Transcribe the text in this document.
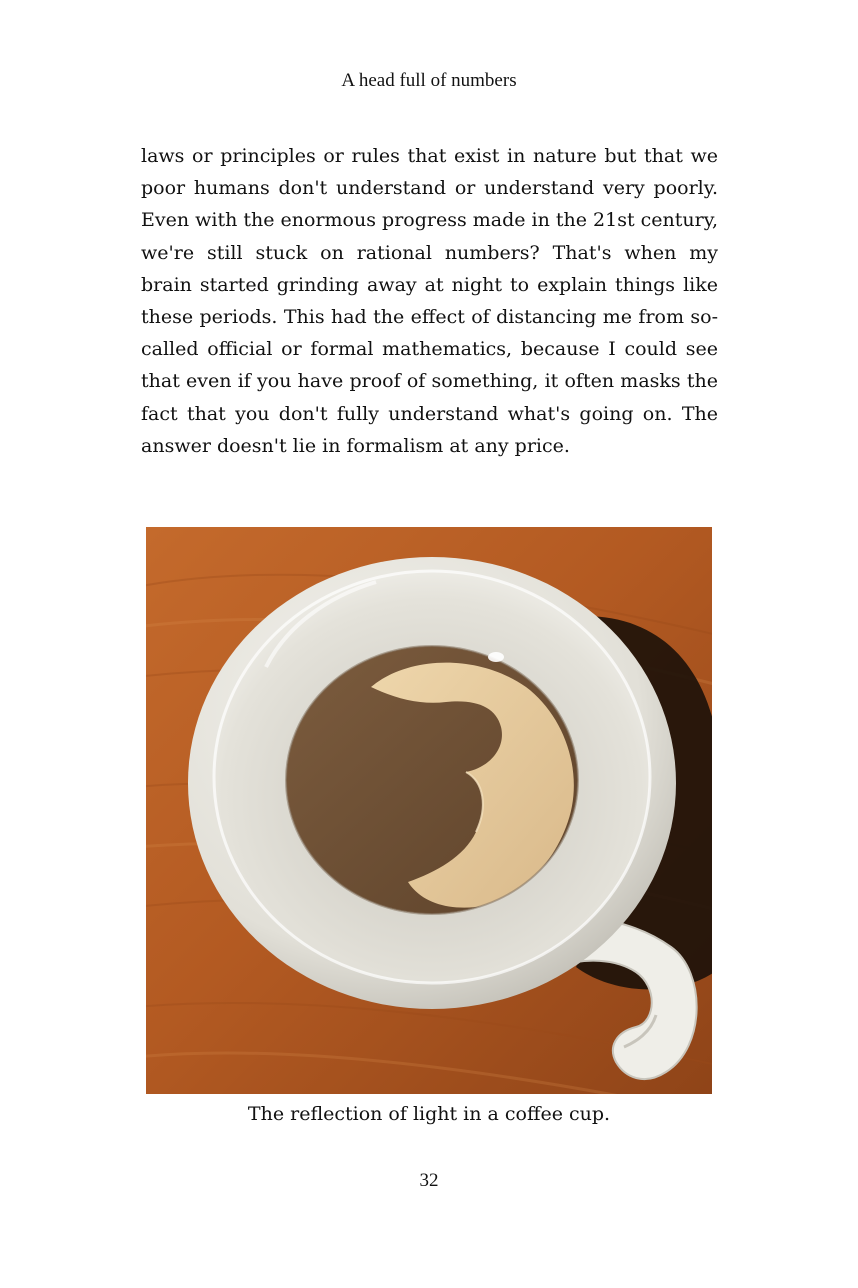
A head full of numbers

laws or principles or rules that exist in nature but that we poor humans don't understand or understand very poorly. Even with the enormous progress made in the 21st century, we're still stuck on rational numbers? That's when my brain started grinding away at night to explain things like these periods. This had the effect of distancing me from so-called official or formal mathematics, because I could see that even if you have proof of something, it often masks the fact that you don't fully understand what's going on. The answer doesn't lie in formalism at any price.

The reflection of light in a coffee cup.
32
